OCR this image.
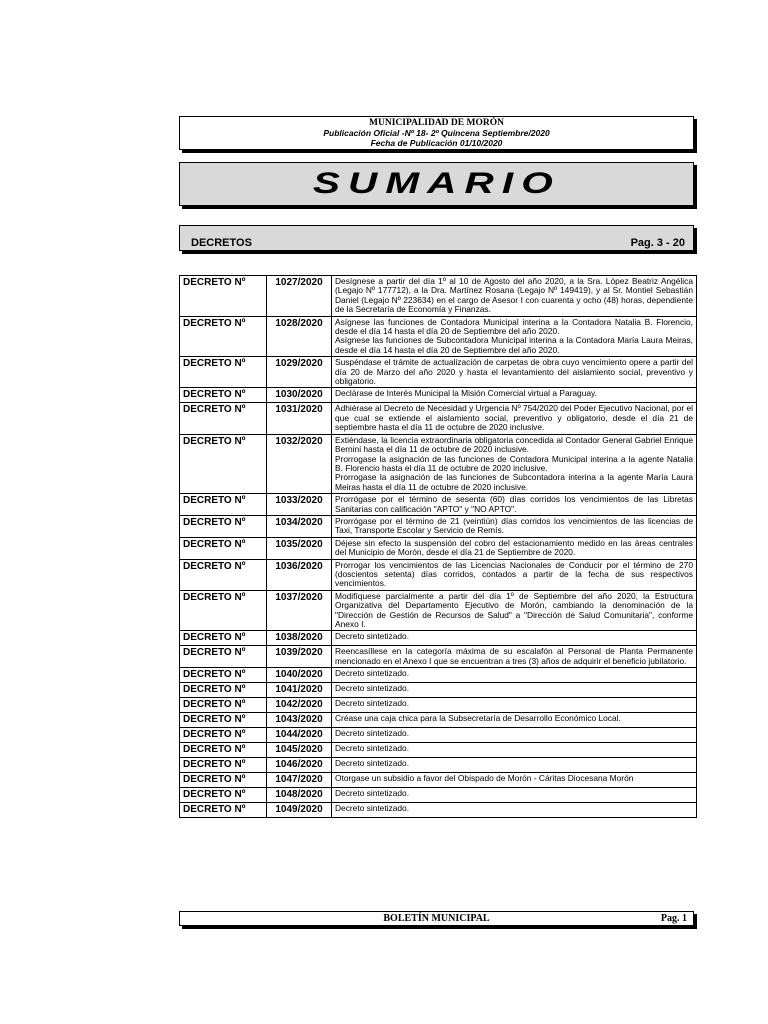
MUNICIPALIDAD DE MORÓN
Publicación Oficial -Nº 18- 2º Quincena Septiembre/2020
Fecha de Publicación 01/10/2020
SUMARIO
DECRETOS	Pag. 3 - 20
DECRETO Nº	1027/2020	Desígnese a partir del día 1º al 10 de Agosto del año 2020, a la Sra. López Beatriz Angélica (Legajo Nº 177712), a la Dra. Martínez Rosana (Legajo Nº 149419), y al Sr. Montiel Sebastián Daniel (Legajo Nº 223634) en el cargo de Asesor I con cuarenta y ocho (48) horas, dependiente de la Secretaría de Economía y Finanzas.
DECRETO Nº	1028/2020	Asígnese las funciones de Contadora Municipal interina a la Contadora Natalia B. Florencio, desde el día 14 hasta el día 20 de Septiembre del año 2020.
Asígnese las funciones de Subcontadora Municipal interina a la Contadora María Laura Meiras, desde el día 14 hasta el día 20 de Septiembre del año 2020.
DECRETO Nº	1029/2020	Suspéndase el trámite de actualización de carpetas de obra cuyo vencimiento opere a partir del día 20 de Marzo del año 2020 y hasta el levantamiento del aislamiento social, preventivo y obligatorio.
DECRETO Nº	1030/2020	Declárase de Interés Municipal la Misión Comercial virtual a Paraguay.
DECRETO Nº	1031/2020	Adhiérase al Decreto de Necesidad y Urgencia Nº 754/2020 del Poder Ejecutivo Nacional, por el que cual se extiende el aislamiento social, preventivo y obligatorio, desde el día 21 de septiembre hasta el día 11 de octubre de 2020 inclusive.
DECRETO Nº	1032/2020	Extiéndase, la licencia extraordinaria obligatoria concedida al Contador General Gabriel Enrique Bernini hasta el día 11 de octubre de 2020 inclusive.
Prorrogase la asignación de las funciones de Contadora Municipal interina a la agente Natalia B. Florencio hasta el día 11 de octubre de 2020 inclusive.
Prorrogase la asignación de las funciones de Subcontadora interina a la agente María Laura Meiras hasta el día 11 de octubre de 2020 inclusive.
DECRETO Nº	1033/2020	Prorrógase por el término de sesenta (60) días corridos los vencimientos de las Libretas Sanitarias con calificación "APTO" y "NO APTO".
DECRETO Nº	1034/2020	Prorrógase por el término de 21 (veintiún) días corridos los vencimientos de las licencias de Taxi, Transporte Escolar y Servicio de Remís.
DECRETO Nº	1035/2020	Déjese sin efecto la suspensión del cobro del estacionamiento medido en las áreas centrales del Municipio de Morón, desde el día 21 de Septiembre de 2020.
DECRETO Nº	1036/2020	Prorrogar los vencimientos de las Licencias Nacionales de Conducir por el término de 270 (doscientos setenta) días corridos, contados a partir de la fecha de sus respectivos vencimientos.
DECRETO Nº	1037/2020	Modifíquese parcialmente a partir del día 1º de Septiembre del año 2020, la Estructura Organizativa del Departamento Ejecutivo de Morón, cambiando la denominación de la "Dirección de Gestión de Recursos de Salud" a "Dirección de Salud Comunitaria", conforme Anexo I.
DECRETO Nº	1038/2020	Decreto sintetizado.
DECRETO Nº	1039/2020	Reencasíllese en la categoría máxima de su escalafón al Personal de Planta Permanente mencionado en el Anexo I que se encuentran a tres (3) años de adquirir el beneficio jubilatorio.
DECRETO Nº	1040/2020	Decreto sintetizado.
DECRETO Nº	1041/2020	Decreto sintetizado.
DECRETO Nº	1042/2020	Decreto sintetizado.
DECRETO Nº	1043/2020	Créase una caja chica para la Subsecretaría de Desarrollo Económico Local.
DECRETO Nº	1044/2020	Decreto sintetizado.
DECRETO Nº	1045/2020	Decreto sintetizado.
DECRETO Nº	1046/2020	Decreto sintetizado.
DECRETO Nº	1047/2020	Otorgase un subsidio a favor del Obispado de Morón - Cáritas Diocesana Morón
DECRETO Nº	1048/2020	Decreto sintetizado.
DECRETO Nº	1049/2020	Decreto sintetizado.
BOLETÍN MUNICIPAL	Pag. 1
